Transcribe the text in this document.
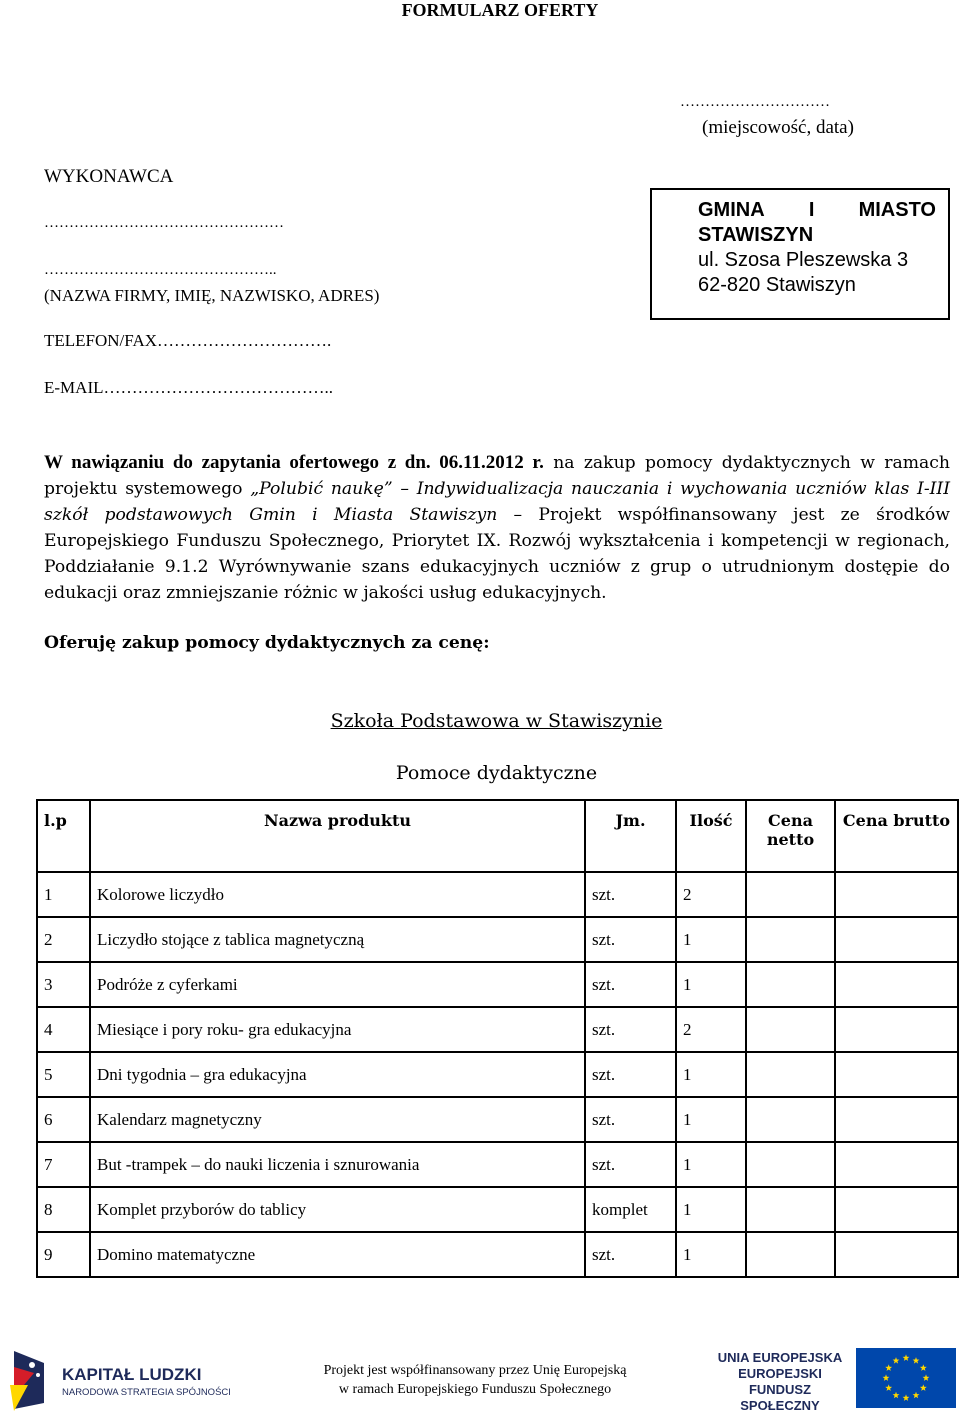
FORMULARZ OFERTY
…………………………
(miejscowość, data)
WYKONAWCA
…………………………………………
………………………………………..
(NAZWA FIRMY, IMIĘ, NAZWISKO, ADRES)
TELEFON/FAX………………………….
E-MAIL…………………………………..
GMINA I MIASTO
STAWISZYN
ul. Szosa Pleszewska 3
62-820 Stawiszyn
W nawiązaniu do zapytania ofertowego z dn. 06.11.2012 r. na zakup pomocy dydaktycznych w ramach projektu systemowego „Polubić naukę” – Indywidualizacja nauczania i wychowania uczniów klas I-III szkół podstawowych Gmin i Miasta Stawiszyn – Projekt współfinansowany jest ze środków Europejskiego Funduszu Społecznego, Priorytet IX. Rozwój wykształcenia i kompetencji w regionach, Poddziałanie 9.1.2 Wyrównywanie szans edukacyjnych uczniów z grup o utrudnionym dostępie do edukacji oraz zmniejszanie różnic w jakości usług edukacyjnych.
Oferuję zakup pomocy dydaktycznych za cenę:
Szkoła Podstawowa w Stawiszynie
Pomoce dydaktyczne
l.p	Nazwa produktu	Jm.	Ilość	Cena netto	Cena brutto
1	Kolorowe liczydło	szt.	2		
2	Liczydło stojące z tablica magnetyczną	szt.	1		
3	Podróże z cyferkami	szt.	1		
4	Miesiące i pory roku- gra edukacyjna	szt.	2		
5	Dni tygodnia – gra edukacyjna	szt.	1		
6	Kalendarz magnetyczny	szt.	1		
7	But -trampek – do nauki liczenia i sznurowania	szt.	1		
8	Komplet przyborów do tablicy	komplet	1		
9	Domino matematyczne	szt.	1		
KAPITAŁ LUDZKI
NARODOWA STRATEGIA SPÓJNOŚCI
Projekt jest współfinansowany przez Unię Europejską
w ramach Europejskiego Funduszu Społecznego
UNIA EUROPEJSKA
EUROPEJSKI
FUNDUSZ SPOŁECZNY
